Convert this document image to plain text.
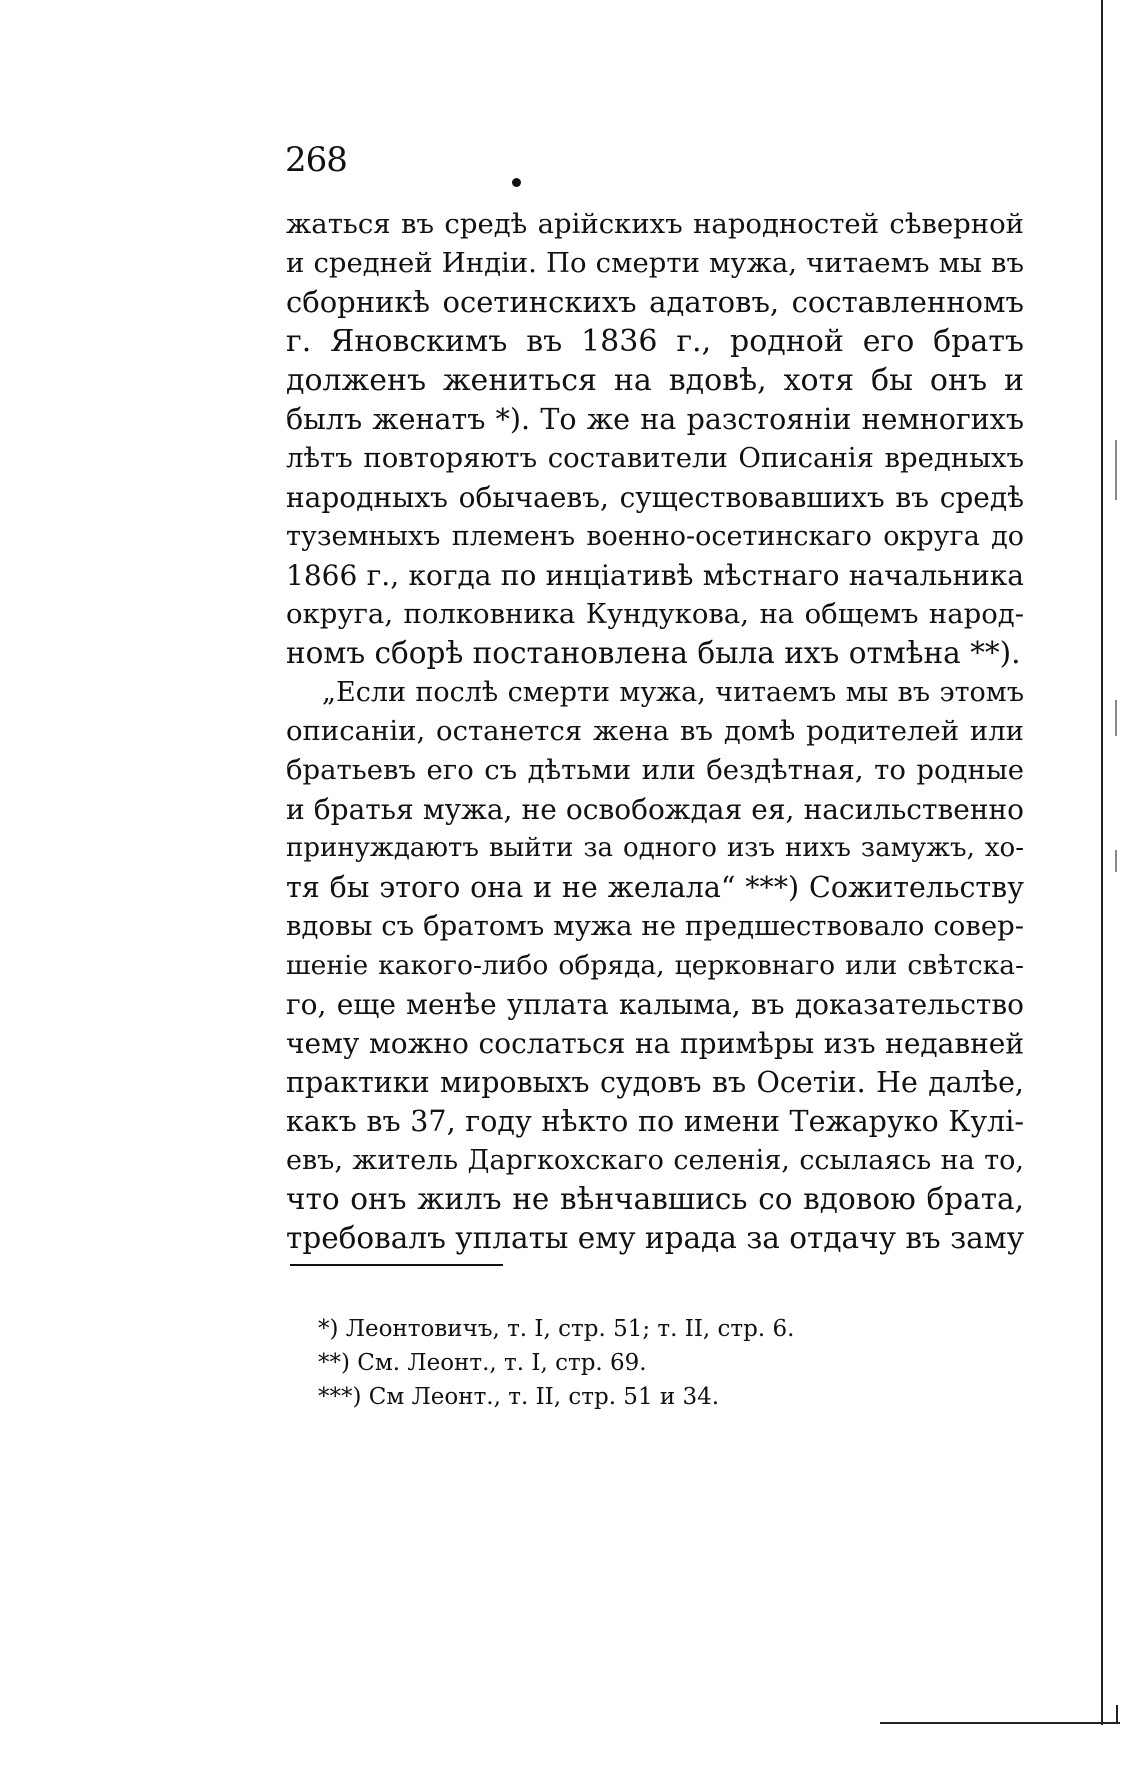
268
жаться въ средѣ арійскихъ народностей сѣверной
и средней Индіи. По смерти мужа, читаемъ мы въ
сборникѣ осетинскихъ адатовъ, составленномъ
г. Яновскимъ въ 1836 г., родной его братъ
долженъ жениться на вдовѣ, хотя бы онъ и
былъ женатъ *). То же на разстояніи немногихъ
лѣтъ повторяютъ составители Описанія вредныхъ
народныхъ обычаевъ, существовавшихъ въ средѣ
туземныхъ племенъ военно-осетинскаго округа до
1866 г., когда по инціативѣ мѣстнаго начальника
округа, полковника Кундукова, на общемъ народ-
номъ сборѣ постановлена была ихъ отмѣна **).
„Если послѣ смерти мужа, читаемъ мы въ этомъ
описаніи, останется жена въ домѣ родителей или
братьевъ его съ дѣтьми или бездѣтная, то родные
и братья мужа, не освобождая ея, насильственно
принуждаютъ выйти за одного изъ нихъ замужъ, хо-
тя бы этого она и не желала“ ***) Сожительству
вдовы съ братомъ мужа не предшествовало совер-
шеніе какого-либо обряда, церковнаго или свѣтска-
го, еще менѣе уплата калыма, въ доказательство
чему можно сослаться на примѣры изъ недавней
практики мировыхъ судовъ въ Осетіи. Не далѣе,
какъ въ 37, году нѣкто по имени Тежаруко Кулі-
евъ, житель Даргкохскаго селенія, ссылаясь на то,
что онъ жилъ не вѣнчавшись со вдовою брата,
требовалъ уплаты ему ирада за отдачу въ заму
*) Леонтовичъ, т. I, стр. 51; т. II, стр. 6.
**) См. Леонт., т. I, стр. 69.
***) См Леонт., т. II, стр. 51 и 34.
